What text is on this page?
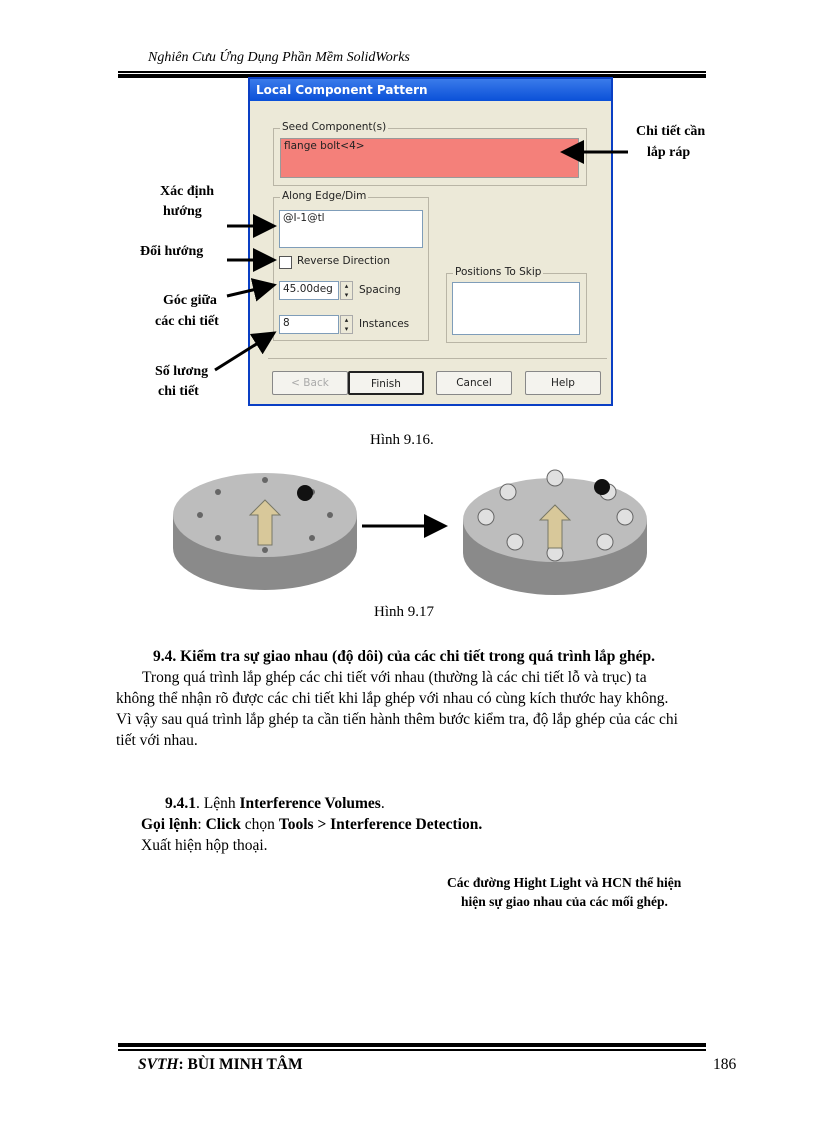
Nghiên Cưu Ứng Dụng Phần Mềm SolidWorks
Local Component Pattern
Seed Component(s)
flange bolt<4>
Along Edge/Dim
@I-1@tl
Reverse Direction
45.00deg	▴
▾	Spacing
8	▴
▾	Instances
Positions To Skip
< Back	Finish	Cancel	Help
Xác định
hướng
Đổi hướng
Góc giữa
các chi tiết
Số lương
chi tiết
Chi tiết cần
lắp ráp
Hình 9.16.
Hình 9.17
9.4. Kiểm tra sự giao nhau (độ dôi) của các chi tiết trong quá trình lắp ghép.
Trong quá trình lắp ghép các chi tiết với nhau (thường là các chi tiết lỗ và trục) ta
không thể nhận rõ được các chi tiết khi lắp ghép với nhau có cùng kích thước hay không.
Vì vậy sau quá trình lắp ghép ta cần tiến hành thêm bước kiểm tra, độ lắp ghép của các chi
tiết với nhau.
9.4.1. Lệnh Interference Volumes.
Gọi lệnh: Click chọn Tools > Interference Detection.
Xuất hiện hộp thoại.
Các đường Hight Light và HCN thể hiện
hiện sự giao nhau của các mối ghép.
SVTH: BÙI MINH TÂM	186
